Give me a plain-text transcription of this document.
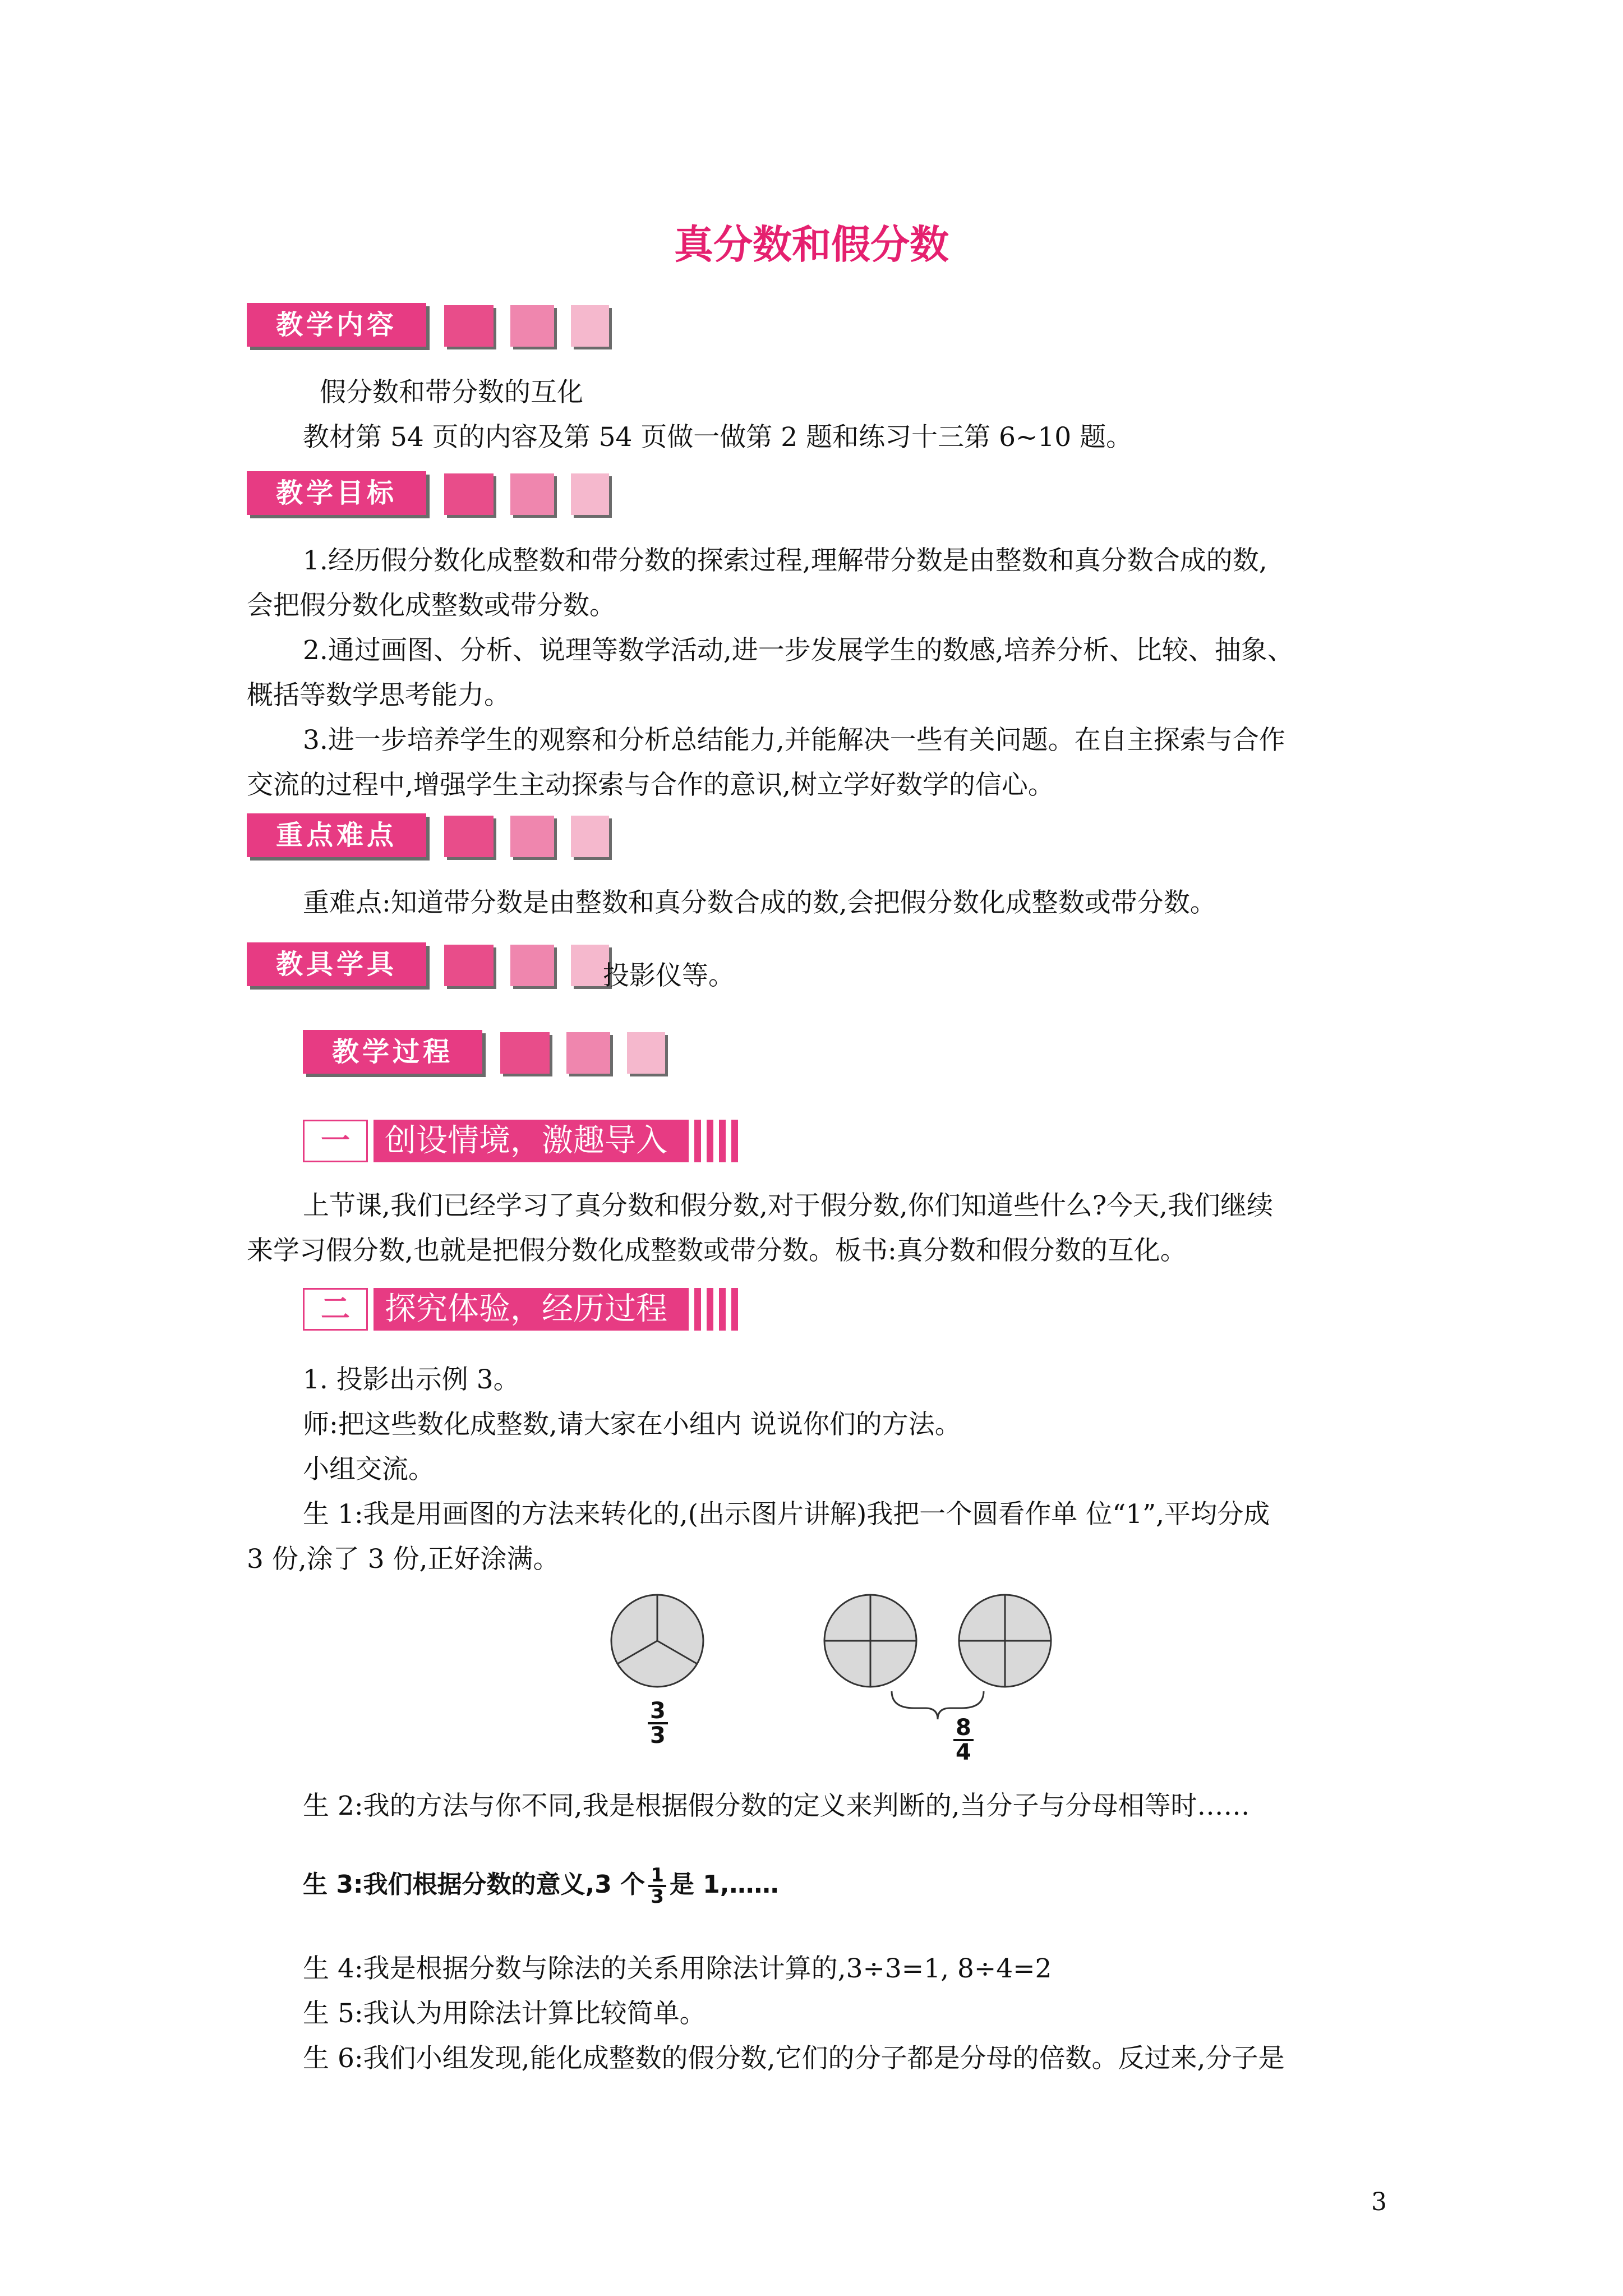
真分数和假分数
教学内容
假分数和带分数的互化
教材第 54 页的内容及第 54 页做一做第 2 题和练习十三第 6~10 题。
教学目标
1.经历假分数化成整数和带分数的探索过程,理解带分数是由整数和真分数合成的数,
会把假分数化成整数或带分数。
2.通过画图、分析、说理等数学活动,进一步发展学生的数感,培养分析、比较、抽象、
概括等数学思考能力。
3.进一步培养学生的观察和分析总结能力,并能解决一些有关问题。在自主探索与合作
交流的过程中,增强学生主动探索与合作的意识,树立学好数学的信心。
重点难点
重难点:知道带分数是由整数和真分数合成的数,会把假分数化成整数或带分数。
教具学具	投影仪等。
教学过程
一	创设情境，激趣导入
上节课,我们已经学习了真分数和假分数,对于假分数,你们知道些什么?今天,我们继续
来学习假分数,也就是把假分数化成整数或带分数。板书:真分数和假分数的互化。
二	探究体验，经历过程
1. 投影出示例 3。
师:把这些数化成整数,请大家在小组内 说说你们的方法。
小组交流。
生 1:我是用画图的方法来转化的,(出示图片讲解)我把一个圆看作单 位“1”,平均分成
3 份,涂了 3 份,正好涂满。
$\frac{3}{3}$	$\frac{8}{4}$
生 2:我的方法与你不同,我是根据假分数的定义来判断的,当分子与分母相等时……
生 3:我们根据分数的意义,3 个 $\frac{1}{3}$ 是 1,……
生 4:我是根据分数与除法的关系用除法计算的,3÷3=1, 8÷4=2
生 5:我认为用除法计算比较简单。
生 6:我们小组发现,能化成整数的假分数,它们的分子都是分母的倍数。反过来,分子是
3
